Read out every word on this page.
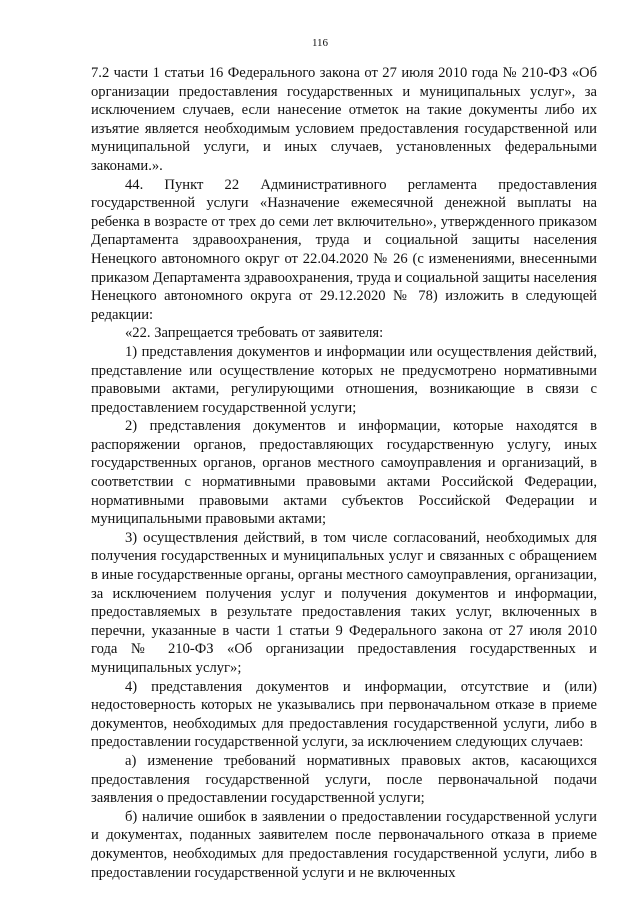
116

7.2 части 1 статьи 16 Федерального закона от 27 июля 2010 года № 210-ФЗ «Об организации предоставления государственных и муниципальных услуг», за исключением случаев, если нанесение отметок на такие документы либо их изъятие является необходимым условием предоставления государственной или муниципальной услуги, и иных случаев, установленных федеральными законами.».

44. Пункт 22 Административного регламента предоставления государственной услуги «Назначение ежемесячной денежной выплаты на ребенка в возрасте от трех до семи лет включительно», утвержденного приказом Департамента здравоохранения, труда и социальной защиты населения Ненецкого автономного округ от 22.04.2020 № 26 (с изменениями, внесенными приказом Департамента здравоохранения, труда и социальной защиты населения Ненецкого автономного округа от 29.12.2020 № 78) изложить в следующей редакции:

«22. Запрещается требовать от заявителя:

1) представления документов и информации или осуществления действий, представление или осуществление которых не предусмотрено нормативными правовыми актами, регулирующими отношения, возникающие в связи с предоставлением государственной услуги;

2) представления документов и информации, которые находятся в распоряжении органов, предоставляющих государственную услугу, иных государственных органов, органов местного самоуправления и организаций, в соответствии с нормативными правовыми актами Российской Федерации, нормативными правовыми актами субъектов Российской Федерации и муниципальными правовыми актами;

3) осуществления действий, в том числе согласований, необходимых для получения государственных и муниципальных услуг и связанных с обращением в иные государственные органы, органы местного самоуправления, организации, за исключением получения услуг и получения документов и информации, предоставляемых в результате предоставления таких услуг, включенных в перечни, указанные в части 1 статьи 9 Федерального закона от 27 июля 2010 года № 210-ФЗ «Об организации предоставления государственных и муниципальных услуг»;

4) представления документов и информации, отсутствие и (или) недостоверность которых не указывались при первоначальном отказе в приеме документов, необходимых для предоставления государственной услуги, либо в предоставлении государственной услуги, за исключением следующих случаев:

а) изменение требований нормативных правовых актов, касающихся предоставления государственной услуги, после первоначальной подачи заявления о предоставлении государственной услуги;

б) наличие ошибок в заявлении о предоставлении государственной услуги и документах, поданных заявителем после первоначального отказа в приеме документов, необходимых для предоставления государственной услуги, либо в предоставлении государственной услуги и не включенных
